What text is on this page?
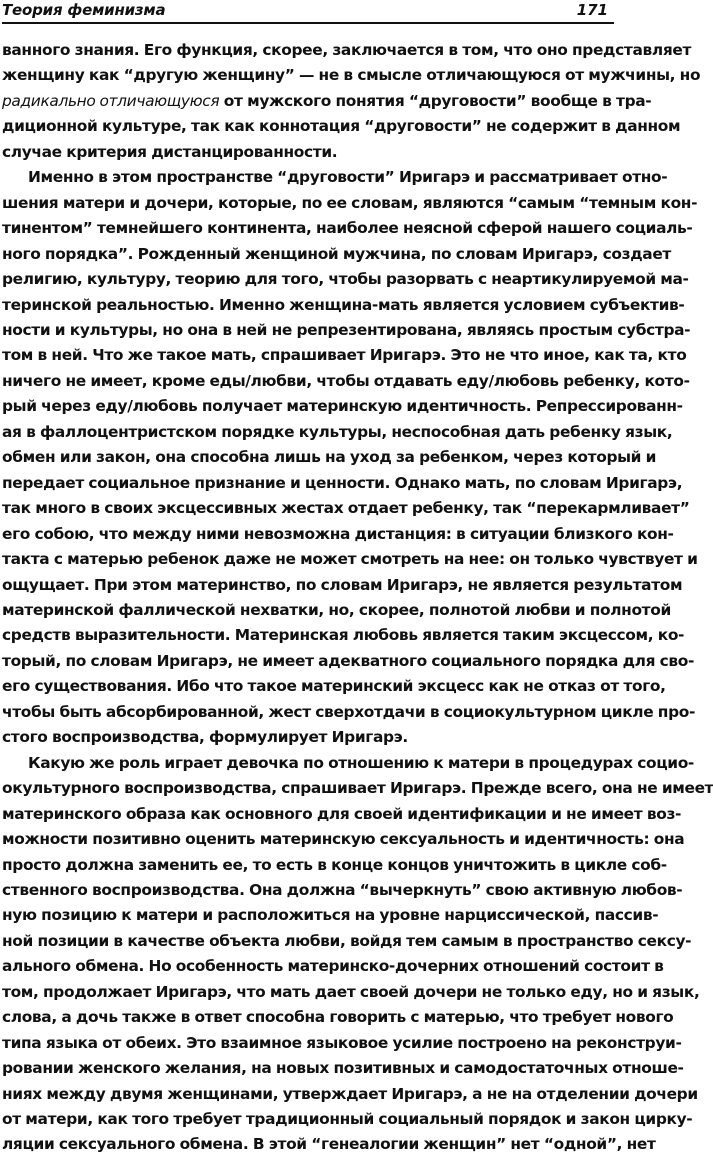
Теория феминизма	171
ванного знания. Его функция, скорее, заключается в том, что оно представляет
женщину как “другую женщину” — не в смысле отличающуюся от мужчины, но
радикально отличающуюся от мужского понятия “друговости” вообще в тра-
диционной культуре, так как коннотация “друговости” не содержит в данном
случае критерия дистанцированности.
Именно в этом пространстве “друговости” Иригарэ и рассматривает отно-
шения матери и дочери, которые, по ее словам, являются “самым “темным кон-
тинентом” темнейшего континента, наиболее неясной сферой нашего социаль-
ного порядка”. Рожденный женщиной мужчина, по словам Иригарэ, создает
религию, культуру, теорию для того, чтобы разорвать с неартикулируемой ма-
теринской реальностью. Именно женщина-мать является условием субъектив-
ности и культуры, но она в ней не репрезентирована, являясь простым субстра-
том в ней. Что же такое мать, спрашивает Иригарэ. Это не что иное, как та, кто
ничего не имеет, кроме еды/любви, чтобы отдавать еду/любовь ребенку, кото-
рый через еду/любовь получает материнскую идентичность. Репрессированн-
ая в фаллоцентристском порядке культуры, неспособная дать ребенку язык,
обмен или закон, она способна лишь на уход за ребенком, через который и
передает социальное признание и ценности. Однако мать, по словам Иригарэ,
так много в своих эксцессивных жестах отдает ребенку, так “перекармливает”
его собою, что между ними невозможна дистанция: в ситуации близкого кон-
такта с матерью ребенок даже не может смотреть на нее: он только чувствует и
ощущает. При этом материнство, по словам Иригарэ, не является результатом
материнской фаллической нехватки, но, скорее, полнотой любви и полнотой
средств выразительности. Материнская любовь является таким эксцессом, ко-
торый, по словам Иригарэ, не имеет адекватного социального порядка для сво-
его существования. Ибо что такое материнский эксцесс как не отказ от того,
чтобы быть абсорбированной, жест сверхотдачи в социокультурном цикле про-
стого воспроизводства, формулирует Иригарэ.
Какую же роль играет девочка по отношению к матери в процедурах социо-
окультурного воспроизводства, спрашивает Иригарэ. Прежде всего, она не имеет
материнского образа как основного для своей идентификации и не имеет воз-
можности позитивно оценить материнскую сексуальность и идентичность: она
просто должна заменить ее, то есть в конце концов уничтожить в цикле соб-
ственного воспроизводства. Она должна “вычеркнуть” свою активную любов-
ную позицию к матери и расположиться на уровне нарциссической, пассив-
ной позиции в качестве объекта любви, войдя тем самым в пространство сексу-
ального обмена. Но особенность материнско-дочерних отношений состоит в
том, продолжает Иригарэ, что мать дает своей дочери не только еду, но и язык,
слова, а дочь также в ответ способна говорить с матерью, что требует нового
типа языка от обеих. Это взаимное языковое усилие построено на реконструи-
ровании женского желания, на новых позитивных и самодостаточных отноше-
ниях между двумя женщинами, утверждает Иригарэ, а не на отделении дочери
от матери, как того требует традиционный социальный порядок и закон цирку-
ляции сексуального обмена. В этой “генеалогии женщин” нет “одной”, нет
